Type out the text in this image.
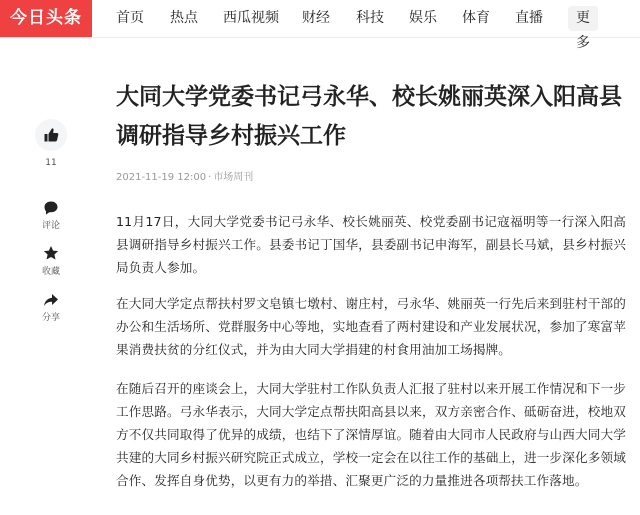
今日头条	首页 热点 西瓜视频 财经 科技 娱乐 体育 直播	更多
11
评论
收藏
分享
大同大学党委书记弓永华、校长姚丽英深入阳高县调研指导乡村振兴工作
2021-11-19 12:00 · 市场周刊

11月17日，大同大学党委书记弓永华、校长姚丽英、校党委副书记寇福明等一行深入阳高县调研指导乡村振兴工作。县委书记丁国华，县委副书记申海军，副县长马斌，县乡村振兴局负责人参加。

在大同大学定点帮扶村罗文皂镇七墩村、谢庄村，弓永华、姚丽英一行先后来到驻村干部的办公和生活场所、党群服务中心等地，实地查看了两村建设和产业发展状况，参加了寒富苹果消费扶贫的分红仪式，并为由大同大学捐建的村食用油加工场揭牌。

在随后召开的座谈会上，大同大学驻村工作队负责人汇报了驻村以来开展工作情况和下一步工作思路。弓永华表示，大同大学定点帮扶阳高县以来，双方亲密合作、砥砺奋进，校地双方不仅共同取得了优异的成绩，也结下了深情厚谊。随着由大同市人民政府与山西大同大学共建的大同乡村振兴研究院正式成立，学校一定会在以往工作的基础上，进一步深化多领域合作、发挥自身优势，以更有力的举措、汇聚更广泛的力量推进各项帮扶工作落地。
